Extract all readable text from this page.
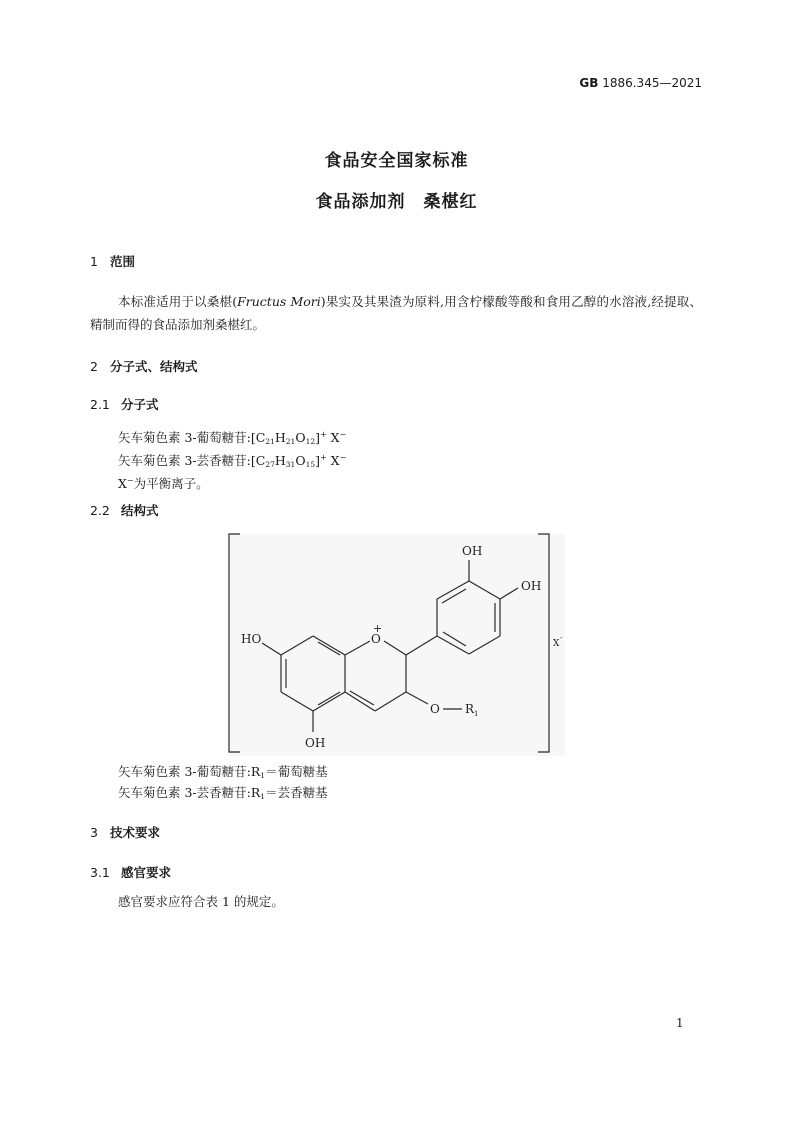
GB 1886.345—2021
食品安全国家标准
食品添加剂　桑椹红
1 范围
本标准适用于以桑椹(Fructus Mori)果实及其果渣为原料,用含柠檬酸等酸和食用乙醇的水溶液,经提取、精制而得的食品添加剂桑椹红。
2 分子式、结构式
2.1 分子式
矢车菊色素 3-葡萄糖苷$:[C_{21}H_{21}O_{12}]^+$ X−
矢车菊色素 3-芸香糖苷$:[C_{27}H_{31}O_{15}]^+$ X−
X−为平衡离子。
2.2 结构式
OH
OH
HO	O
+
O R 1
OH
X
-
矢车菊色素 3-葡萄糖苷$:R_1=$葡萄糖基
矢车菊色素 3-芸香糖苷$:R_1=$芸香糖基
3 技术要求
3.1 感官要求
感官要求应符合表 1 的规定。
1
